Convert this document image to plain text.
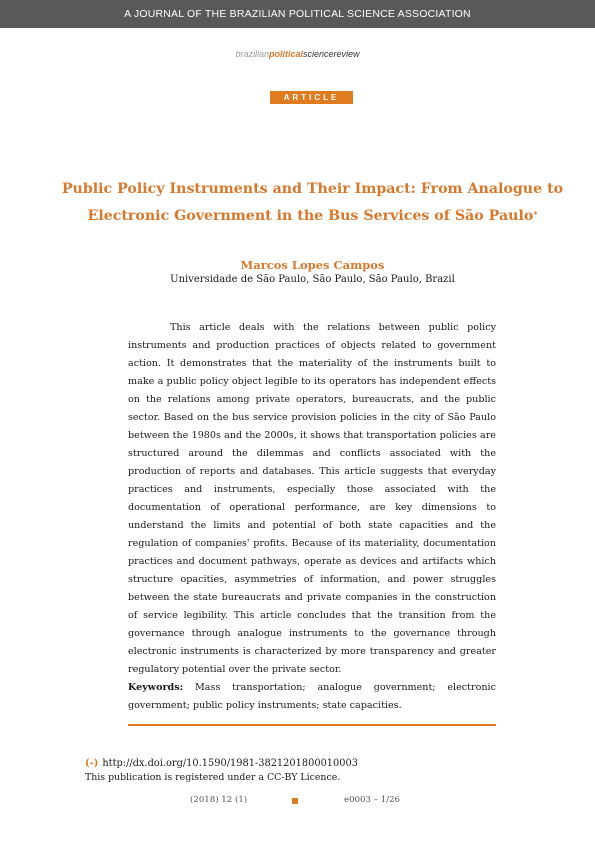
A JOURNAL OF THE BRAZILIAN POLITICAL SCIENCE ASSOCIATION
brazilianpoliticalsciencereview
ARTICLE
Public Policy Instruments and Their Impact: From Analogue to Electronic Government in the Bus Services of São Paulo*
Marcos Lopes Campos
Universidade de São Paulo, São Paulo, São Paulo, Brazil

This article deals with the relations between public policy instruments and production practices of objects related to government action. It demonstrates that the materiality of the instruments built to make a public policy object legible to its operators has independent effects on the relations among private operators, bureaucrats, and the public sector. Based on the bus service provision policies in the city of São Paulo between the 1980s and the 2000s, it shows that transportation policies are structured around the dilemmas and conflicts associated with the production of reports and databases. This article suggests that everyday practices and instruments, especially those associated with the documentation of operational performance, are key dimensions to understand the limits and potential of both state capacities and the regulation of companies' profits. Because of its materiality, documentation practices and document pathways, operate as devices and artifacts which structure opacities, asymmetries of information, and power struggles between the state bureaucrats and private companies in the construction of service legibility. This article concludes that the transition from the governance through analogue instruments to the governance through electronic instruments is characterized by more transparency and greater regulatory potential over the private sector.

Keywords: Mass transportation; analogue government; electronic government; public policy instruments; state capacities.

(-) http://dx.doi.org/10.1590/1981-3821201800010003
This publication is registered under a CC-BY Licence.
(2018) 12 (1)	e0003 – 1/26
